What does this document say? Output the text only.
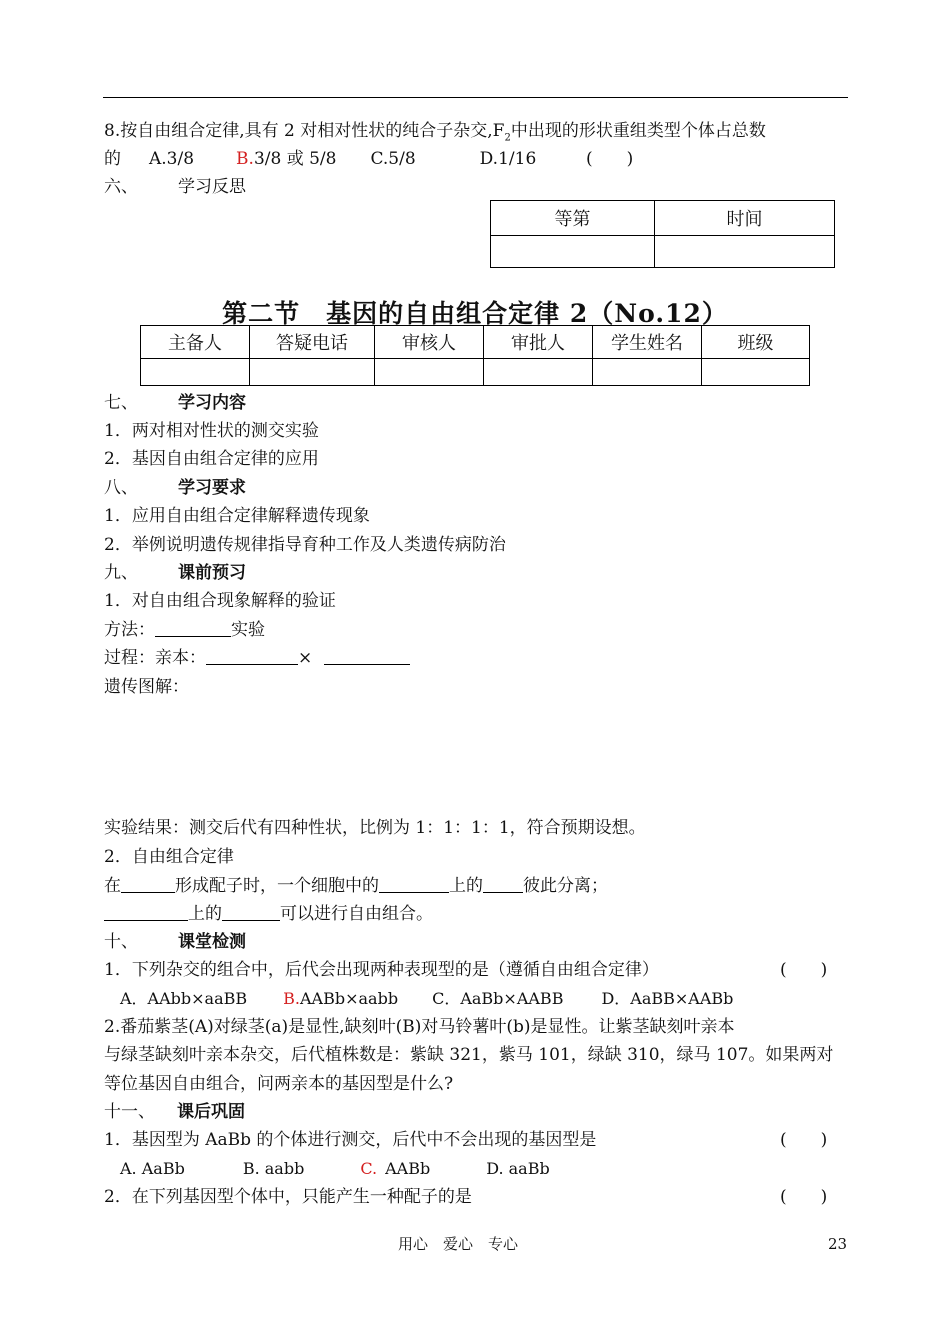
8.按自由组合定律,具有 2 对相对性状的纯合子杂交$,F_2$中出现的形状重组类型个体占总数
的 A.3/8 B.3/8 或 5/8 C.5/8	D.1/16	(　　)
六、 学习反思
等第	时间

第二节　基因的自由组合定律 2（No.12）
主备人	答疑电话	审核人	审批人	学生姓名	班级

七、 学习内容
1．两对相对性状的测交实验
2．基因自由组合定律的应用
八、 学习要求
1．应用自由组合定律解释遗传现象
2．举例说明遗传规律指导育种工作及人类遗传病防治
九、 课前预习
1．对自由组合现象解释的验证
方法：	实验
过程：亲本：	×
遗传图解：
实验结果：测交后代有四种性状，比例为 1：1：1：1，符合预期设想。
2．自由组合定律
在	形成配子时，一个细胞中的	上的 彼此分离；
上的	可以进行自由组合。
十、 课堂检测
1．下列杂交的组合中，后代会出现两种表现型的是（遵循自由组合定律）	(　　)
A．AAbb×aaBB B.AABb×aabb C．AaBb×AABB D．AaBB×AABb
2.番茄紫茎(A)对绿茎(a)是显性,缺刻叶(B)对马铃薯叶(b)是显性。让紫茎缺刻叶亲本
与绿茎缺刻叶亲本杂交，后代植株数是：紫缺 321，紫马 101，绿缺 310，绿马 107。如果两对
等位基因自由组合，问两亲本的基因型是什么?
十一、 课后巩固
1．基因型为 AaBb 的个体进行测交，后代中不会出现的基因型是	(　　)
A. AaBb	B. aabb	C. AABb	D. aaBb
2．在下列基因型个体中，只能产生一种配子的是	(　　)
用心　爱心　专心	23
